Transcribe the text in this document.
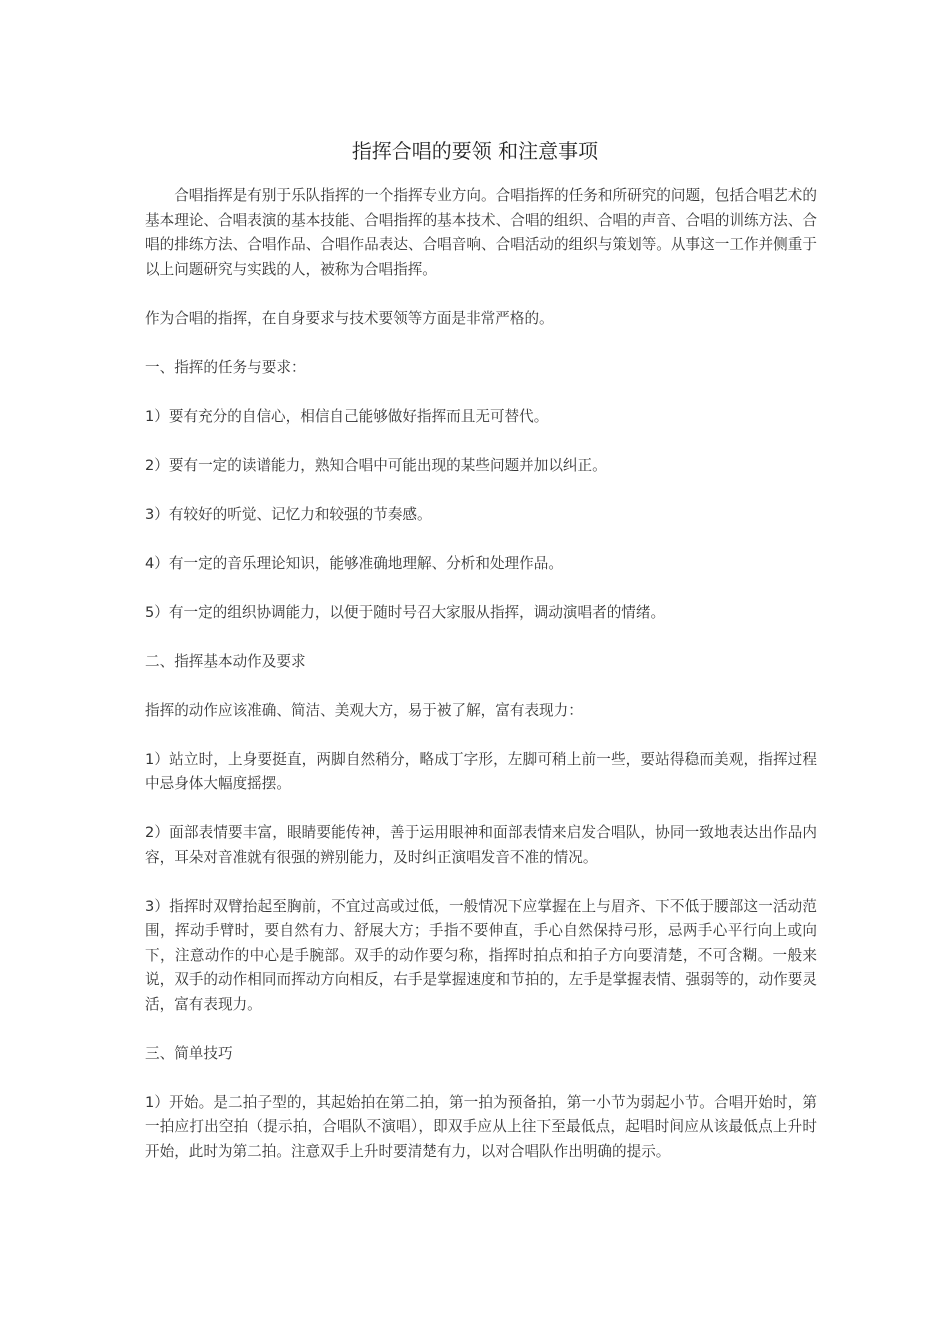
指挥合唱的要领 和注意事项

合唱指挥是有别于乐队指挥的一个指挥专业方向。合唱指挥的任务和所研究的问题，包括合唱艺术的基本理论、合唱表演的基本技能、合唱指挥的基本技术、合唱的组织、合唱的声音、合唱的训练方法、合唱的排练方法、合唱作品、合唱作品表达、合唱音响、合唱活动的组织与策划等。从事这一工作并侧重于以上问题研究与实践的人，被称为合唱指挥。

作为合唱的指挥，在自身要求与技术要领等方面是非常严格的。

一、指挥的任务与要求：

1）要有充分的自信心，相信自己能够做好指挥而且无可替代。

2）要有一定的读谱能力，熟知合唱中可能出现的某些问题并加以纠正。

3）有较好的听觉、记忆力和较强的节奏感。

4）有一定的音乐理论知识，能够准确地理解、分析和处理作品。

5）有一定的组织协调能力，以便于随时号召大家服从指挥，调动演唱者的情绪。

二、指挥基本动作及要求

指挥的动作应该准确、简洁、美观大方，易于被了解，富有表现力：

1）站立时，上身要挺直，两脚自然稍分，略成丁字形，左脚可稍上前一些，要站得稳而美观，指挥过程中忌身体大幅度摇摆。

2）面部表情要丰富，眼睛要能传神，善于运用眼神和面部表情来启发合唱队，协同一致地表达出作品内容，耳朵对音准就有很强的辨别能力，及时纠正演唱发音不准的情况。

3）指挥时双臂抬起至胸前，不宜过高或过低，一般情况下应掌握在上与眉齐、下不低于腰部这一活动范围，挥动手臂时，要自然有力、舒展大方；手指不要伸直，手心自然保持弓形，忌两手心平行向上或向下，注意动作的中心是手腕部。双手的动作要匀称，指挥时拍点和拍子方向要清楚，不可含糊。一般来说，双手的动作相同而挥动方向相反，右手是掌握速度和节拍的，左手是掌握表情、强弱等的，动作要灵活，富有表现力。

三、简单技巧

1）开始。是二拍子型的，其起始拍在第二拍，第一拍为预备拍，第一小节为弱起小节。合唱开始时，第一拍应打出空拍（提示拍，合唱队不演唱），即双手应从上往下至最低点，起唱时间应从该最低点上升时开始，此时为第二拍。注意双手上升时要清楚有力，以对合唱队作出明确的提示。
